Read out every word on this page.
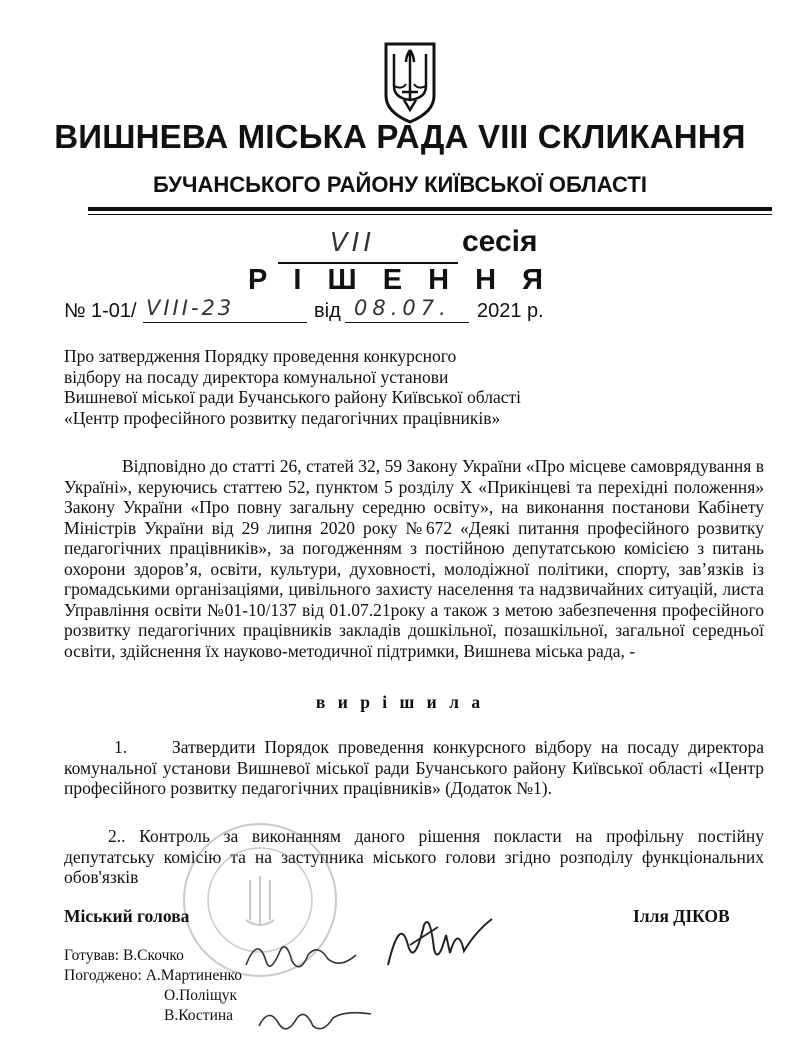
ВИШНЕВА МІСЬКА РАДА VIII СКЛИКАННЯ
БУЧАНСЬКОГО РАЙОНУ КИЇВСЬКОЇ ОБЛАСТІ
VII	сесія
Р І Ш Е Н Н Я
№ 1-01/ VIII-23	від 08.07. 2021 р.
Про затвердження Порядку проведення конкурсного
відбору на посаду директора комунальної установи
Вишневої міської ради Бучанського району Київської області
«Центр професійного розвитку педагогічних працівників»

Відповідно до статті 26, статей 32, 59 Закону України «Про місцеве самоврядування в Україні», керуючись статтею 52, пунктом 5 розділу X «Прикінцеві та перехідні положення» Закону України «Про повну загальну середню освіту», на виконання постанови Кабінету Міністрів України від 29 липня 2020 року №672 «Деякі питання професійного розвитку педагогічних працівників», за погодженням з постійною депутатською комісією з питань охорони здоров’я, освіти, культури, духовності, молодіжної політики, спорту, зав’язків із громадськими організаціями, цивільного захисту населення та надзвичайних ситуацій, листа Управління освіти №01-10/137 від 01.07.21року а також з метою забезпечення професійного розвитку педагогічних працівників закладів дошкільної, позашкільної, загальної середньої освіти, здійснення їх науково-методичної підтримки, Вишнева міська рада, -

в и р і ш и л а
1.	Затвердити Порядок проведення конкурсного відбору на посаду директора комунальної установи Вишневої міської ради Бучанського району Київської області «Центр професійного розвитку педагогічних працівників» (Додаток №1).

2.. Контроль за виконанням даного рішення покласти на профільну постійну депутатську комісію та на заступника міського голови згідно розподілу функціональних обов'язків

Міський голова	Ілля ДІКОВ
Готував: В.Скочко
Погоджено: А.Мартиненко
О.Поліщук
В.Костина
